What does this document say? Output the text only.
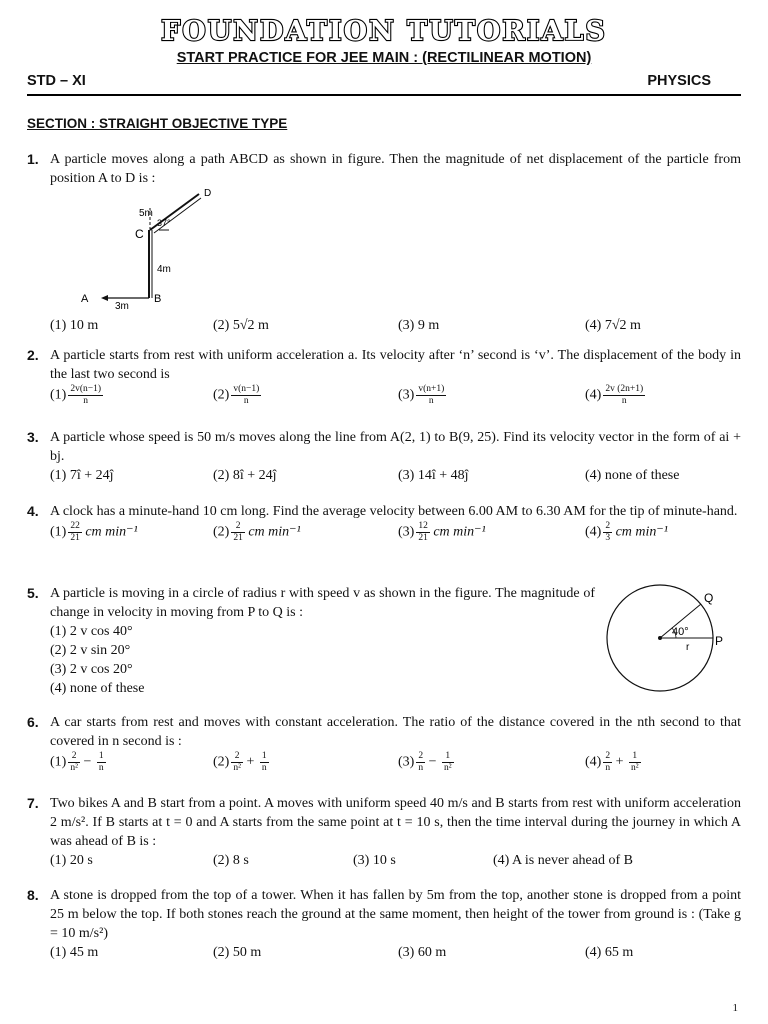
FOUNDATION TUTORIALS
START PRACTICE FOR JEE MAIN : (RECTILINEAR MOTION)
STD – XI	PHYSICS
SECTION : STRAIGHT OBJECTIVE TYPE
1. A particle moves along a path ABCD as shown in figure. Then the magnitude of net displacement of the particle from position A to D is :
A	B
C
D
5m
4m
3m
37°
(1) 10 m	(2) 5√2 m	(3) 9 m	(4) 7√2 m
2. A particle starts from rest with uniform acceleration a. Its velocity after ‘n’ second is ‘v’. The displacement of the body in the last two second is
$(1) \frac{2v(n-1)}{n}$	$(2) \frac{v(n-1)}{n}$	$(3) \frac{v(n+1)}{n}$	$(4) \frac{2v (2n+1)}{n}$
3. A particle whose speed is 50 m/s moves along the line from A(2, 1) to B(9, 25). Find its velocity vector in the form of ai + bj.
(1) 7î + 24ĵ	(2) 8î + 24ĵ	(3) 14î + 48ĵ	(4) none of these
4. A clock has a minute-hand 10 cm long. Find the average velocity between 6.00 AM to 6.30 AM for the tip of minute-hand.
$(1) \frac{22}{21}$ cm min⁻¹	$(2) \frac{2}{21}$ cm min⁻¹	$(3) \frac{12}{21}$ cm min⁻¹	$(4) \frac{2}{3}$ cm min⁻¹
5. A particle is moving in a circle of radius r with speed v as shown in the figure. The magnitude of change in velocity in moving from P to Q is :
(1) 2 v cos 40°
(2) 2 v sin 20°
(3) 2 v cos 20°
(4) none of these
P
Q
r
40°
6. A car starts from rest and moves with constant acceleration. The ratio of the distance covered in the nth second to that covered in n second is :
$(1) \frac{2}{\text{n²}} - \frac{1}{n}$	$(2) \frac{2}{\text{n²}} + \frac{1}{n}$	$(3) \frac{2}{n} - \frac{1}{\text{n²}}$	$(4) \frac{2}{n} + \frac{1}{\text{n²}}$
7. Two bikes A and B start from a point. A moves with uniform speed 40 m/s and B starts from rest with uniform acceleration 2 m/s². If B starts at t = 0 and A starts from the same point at t = 10 s, then the time interval during the journey in which A was ahead of B is :
(1) 20 s	(2) 8 s	(3) 10 s	(4) A is never ahead of B
8. A stone is dropped from the top of a tower. When it has fallen by 5m from the top, another stone is dropped from a point 25 m below the top. If both stones reach the ground at the same moment, then height of the tower from ground is : (Take g = 10 m/s²)
(1) 45 m	(2) 50 m	(3) 60 m	(4) 65 m
1
